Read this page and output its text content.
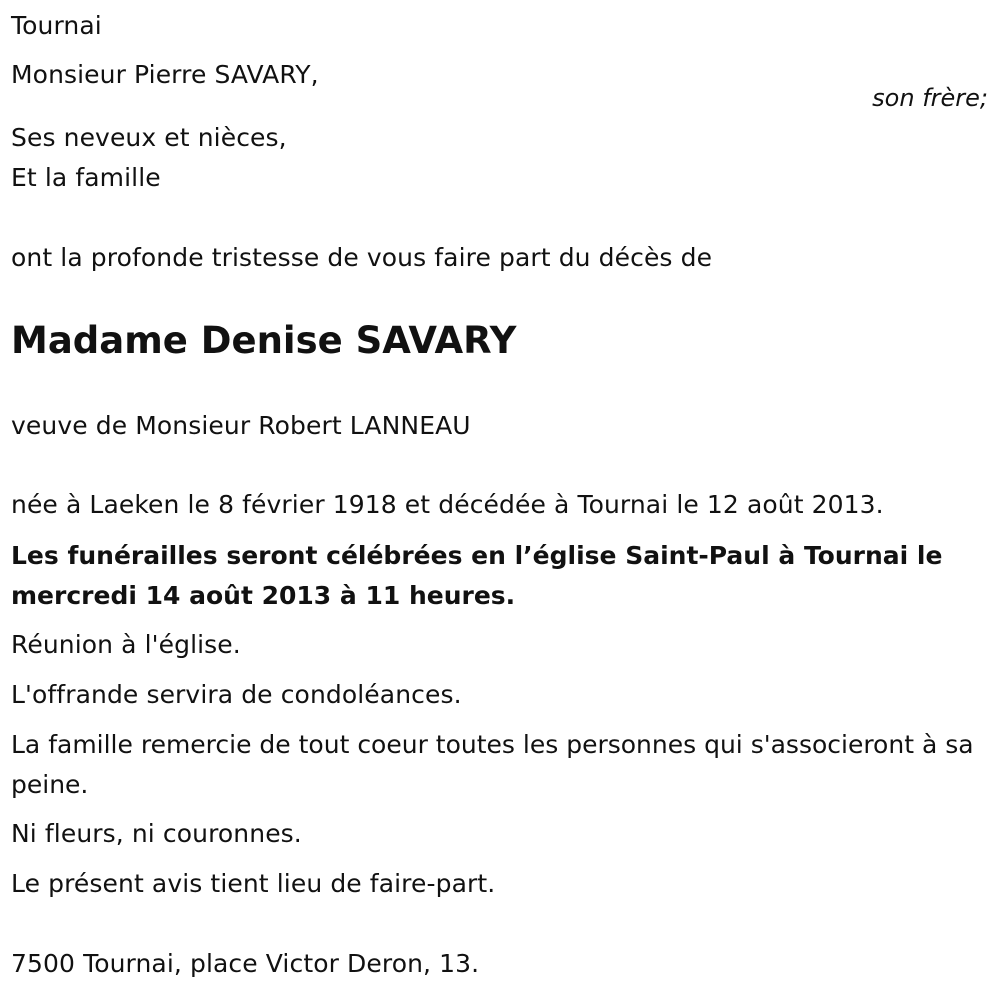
Tournai
Monsieur Pierre SAVARY,
son frère;
Ses neveux et nièces,
Et la famille
ont la profonde tristesse de vous faire part du décès de
Madame Denise SAVARY
veuve de Monsieur Robert LANNEAU
née à Laeken le 8 février 1918 et décédée à Tournai le 12 août 2013.
Les funérailles seront célébrées en l’église Saint-Paul à Tournai le mercredi 14 août 2013 à 11 heures.
Réunion à l'église.
L'offrande servira de condoléances.
La famille remercie de tout coeur toutes les personnes qui s'associeront à sa peine.
Ni fleurs, ni couronnes.
Le présent avis tient lieu de faire-part.
7500 Tournai, place Victor Deron, 13.
